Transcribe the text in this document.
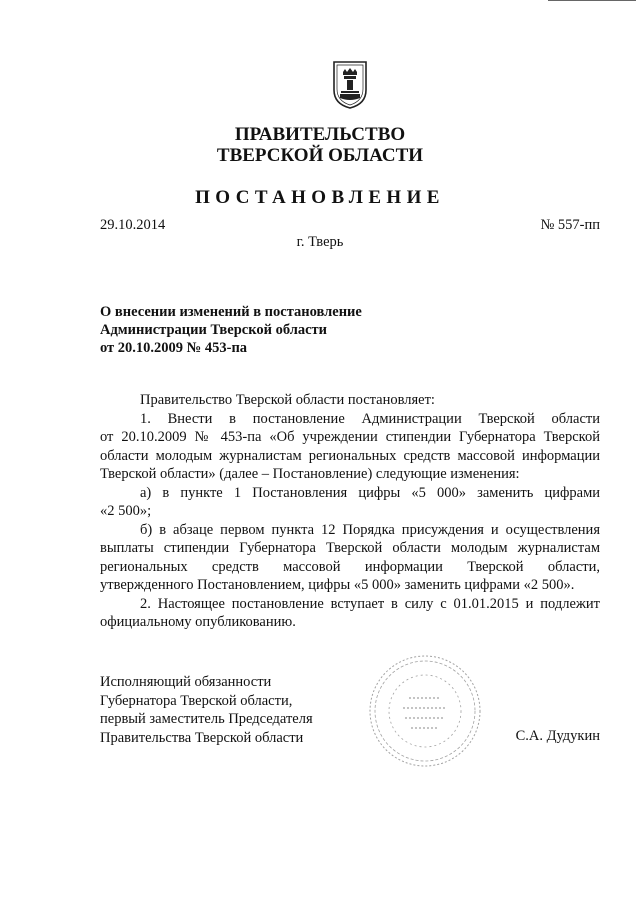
ПРАВИТЕЛЬСТВО
ТВЕРСКОЙ ОБЛАСТИ
ПОСТАНОВЛЕНИЕ
29.10.2014	№ 557-пп
г. Тверь
О внесении изменений в постановление
Администрации Тверской области
от 20.10.2009 № 453-па

Правительство Тверской области постановляет:

1. Внести в постановление Администрации Тверской области

от 20.10.2009 № 453-па «Об учреждении стипендии Губернатора Тверской области молодым журналистам региональных средств массовой информации Тверской области» (далее – Постановление) следующие изменения:

а) в пункте 1 Постановления цифры «5 000» заменить цифрами

«2 500»;

б) в абзаце первом пункта 12 Порядка присуждения и осуществления

выплаты стипендии Губернатора Тверской области молодым журналистам региональных средств массовой информации Тверской области,

утвержденного Постановлением, цифры «5 000» заменить цифрами «2 500».

2. Настоящее постановление вступает в силу с 01.01.2015 и подлежит

официальному опубликованию.

Исполняющий обязанности
Губернатора Тверской области,
первый заместитель Председателя
Правительства Тверской области	С.А. Дудукин
